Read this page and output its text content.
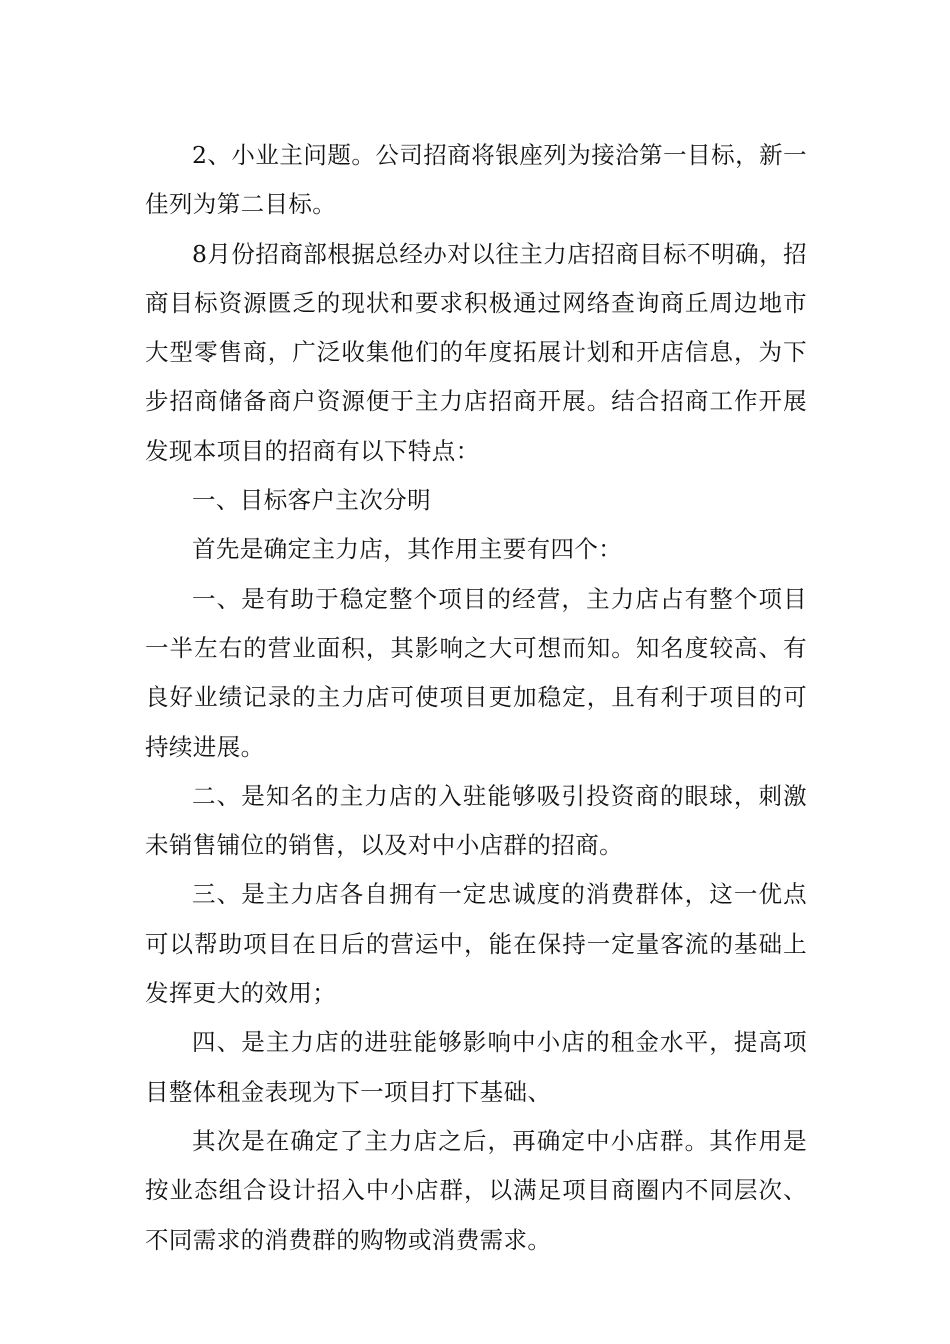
2、小业主问题。公司招商将银座列为接洽第一目标，新一佳列为第二目标。

8月份招商部根据总经办对以往主力店招商目标不明确，招商目标资源匮乏的现状和要求积极通过网络查询商丘周边地市大型零售商，广泛收集他们的年度拓展计划和开店信息，为下步招商储备商户资源便于主力店招商开展。结合招商工作开展发现本项目的招商有以下特点：

一、目标客户主次分明

首先是确定主力店，其作用主要有四个：

一、是有助于稳定整个项目的经营，主力店占有整个项目一半左右的营业面积，其影响之大可想而知。知名度较高、有良好业绩记录的主力店可使项目更加稳定，且有利于项目的可持续进展。

二、是知名的主力店的入驻能够吸引投资商的眼球，刺激未销售铺位的销售，以及对中小店群的招商。

三、是主力店各自拥有一定忠诚度的消费群体，这一优点可以帮助项目在日后的营运中，能在保持一定量客流的基础上发挥更大的效用；

四、是主力店的进驻能够影响中小店的租金水平，提高项目整体租金表现为下一项目打下基础、

其次是在确定了主力店之后，再确定中小店群。其作用是按业态组合设计招入中小店群，以满足项目商圈内不同层次、不同需求的消费群的购物或消费需求。
